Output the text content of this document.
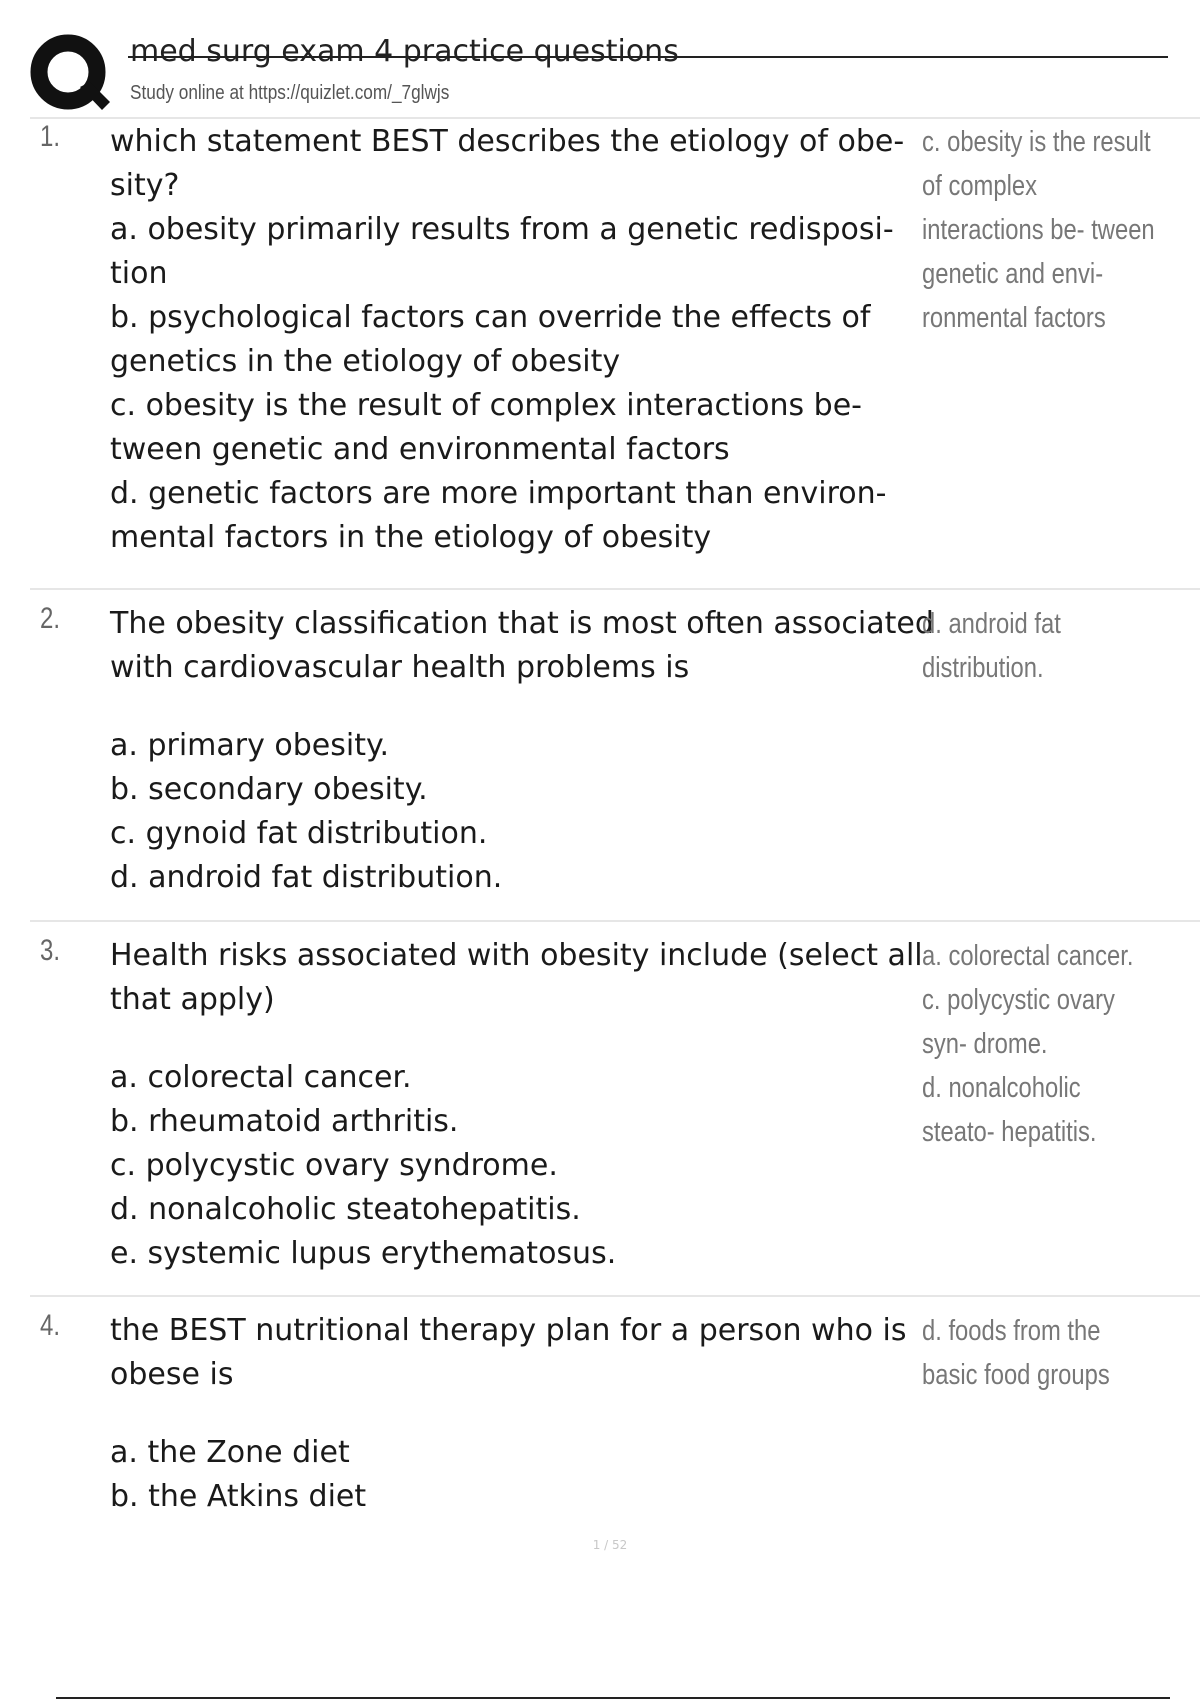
med surg exam 4 practice questions
Study online at https://quizlet.com/_7glwjs
1. which statement BEST describes the etiology of obe- sity?
a. obesity primarily results from a genetic redisposi- tion
b. psychological factors can override the effects of genetics in the etiology of obesity
c. obesity is the result of complex interactions be- tween genetic and environmental factors
d. genetic factors are more important than environ- mental factors in the etiology of obesity
c. obesity is the result of complex interactions be- tween genetic and envi- ronmental factors
2. The obesity classification that is most often associated with cardiovascular health problems is
a. primary obesity.
b. secondary obesity.
c. gynoid fat distribution.
d. android fat distribution.
d. android fat distribution.
3. Health risks associated with obesity include (select all that apply)
a. colorectal cancer.
b. rheumatoid arthritis.
c. polycystic ovary syndrome.
d. nonalcoholic steatohepatitis.
e. systemic lupus erythematosus.
a. colorectal cancer.
c. polycystic ovary syn- drome.
d. nonalcoholic steato- hepatitis.
4. the BEST nutritional therapy plan for a person who is obese is
a. the Zone diet
b. the Atkins diet
d. foods from the basic food groups
1 / 52
